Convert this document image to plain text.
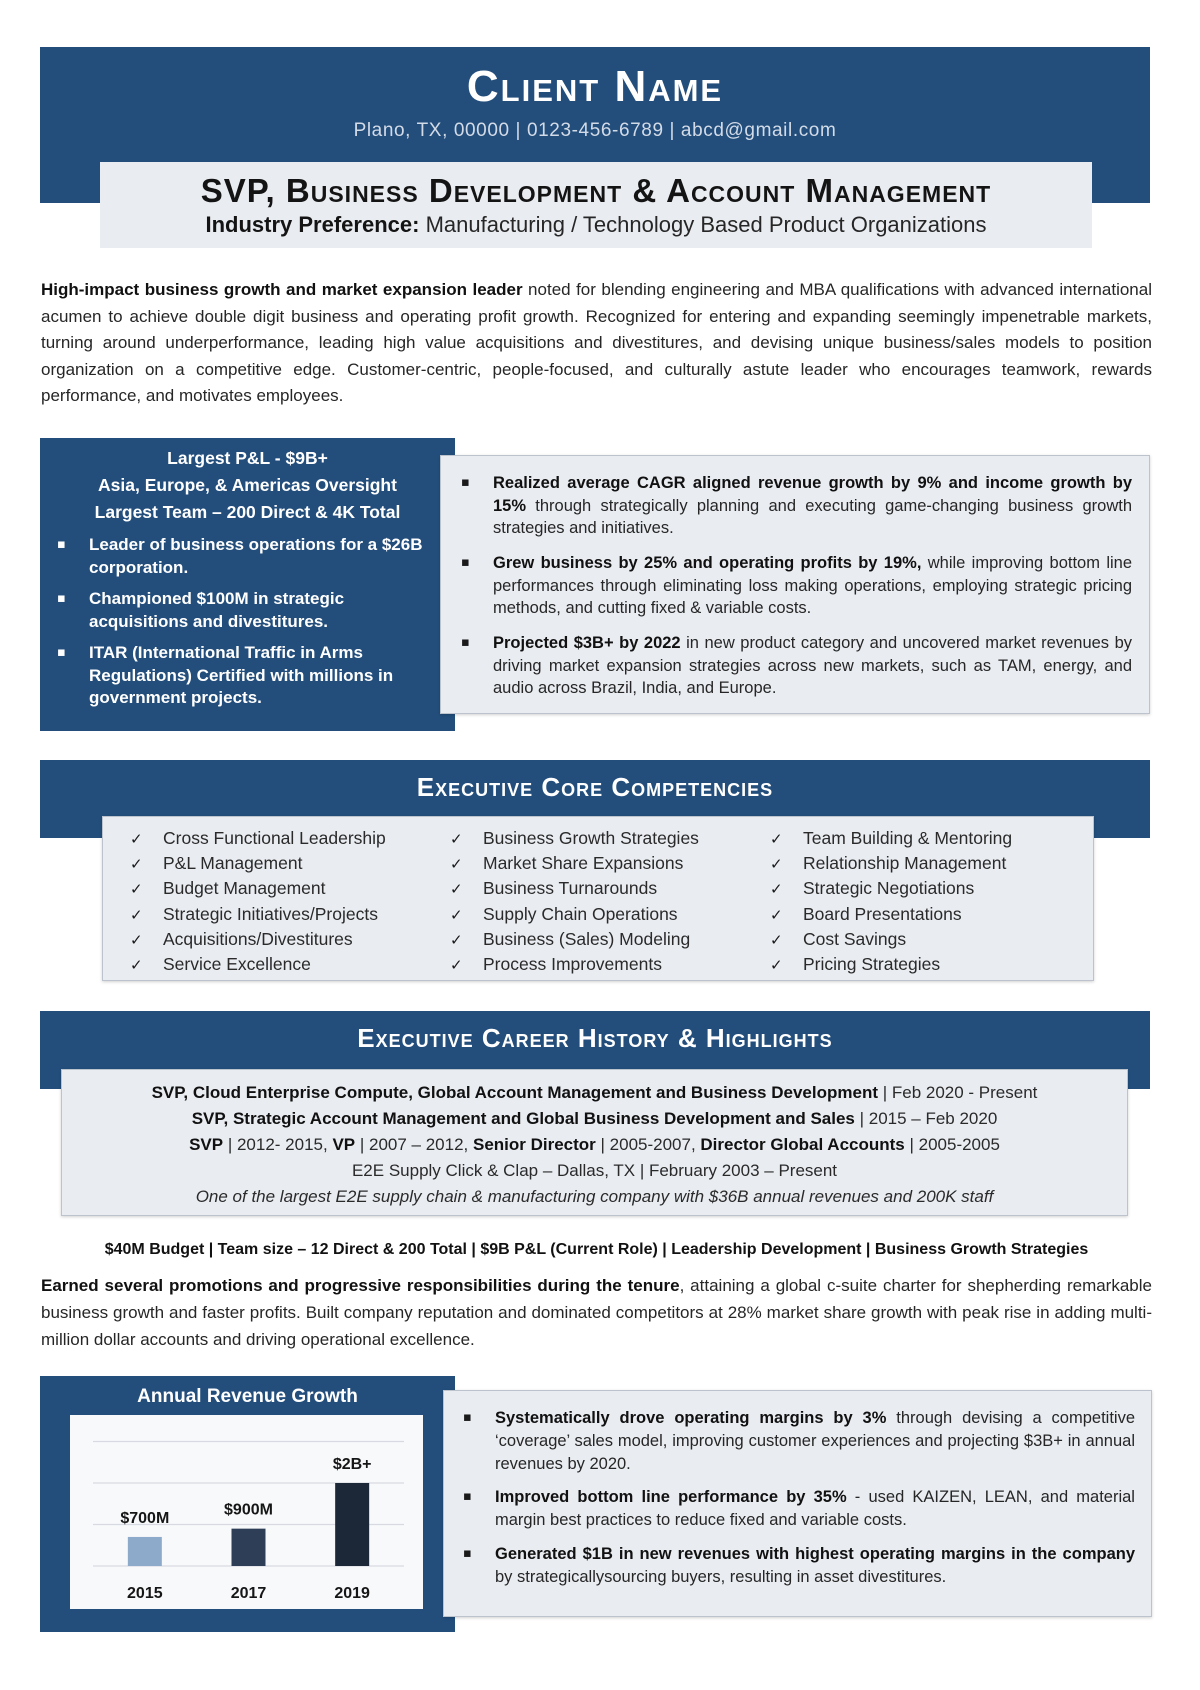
Client Name
Plano, TX, 00000 | 0123-456-6789 | abcd@gmail.com
SVP, Business Development & Account Management
Industry Preference: Manufacturing / Technology Based Product Organizations

High-impact business growth and market expansion leader noted for blending engineering and MBA qualifications with advanced international acumen to achieve double digit business and operating profit growth. Recognized for entering and expanding seemingly impenetrable markets, turning around underperformance, leading high value acquisitions and divestitures, and devising unique business/sales models to position organization on a competitive edge. Customer-centric, people-focused, and culturally astute leader who encourages teamwork, rewards performance, and motivates employees.

Largest P&L - $9B+
Asia, Europe, & Americas Oversight
Largest Team – 200 Direct & 4K Total
▪
Leader of business operations for a $26B corporation.
▪
Championed $100M in strategic acquisitions and divestitures.
▪
ITAR (International Traffic in Arms Regulations) Certified with millions in government projects.
▪
Realized average CAGR aligned revenue growth by 9% and income growth by 15% through strategically planning and executing game-changing business growth strategies and initiatives.
▪
Grew business by 25% and operating profits by 19%, while improving bottom line performances through eliminating loss making operations, employing strategic pricing methods, and cutting fixed & variable costs.
▪
Projected $3B+ by 2022 in new product category and uncovered market revenues by driving market expansion strategies across new markets, such as TAM, energy, and audio across Brazil, India, and Europe.
Executive Core Competencies
✓Cross Functional Leadership
✓P&L Management
✓Budget Management
✓Strategic Initiatives/Projects
✓Acquisitions/Divestitures
✓Service Excellence
✓Business Growth Strategies
✓Market Share Expansions
✓Business Turnarounds
✓Supply Chain Operations
✓Business (Sales) Modeling
✓Process Improvements
✓Team Building & Mentoring
✓Relationship Management
✓Strategic Negotiations
✓Board Presentations
✓Cost Savings
✓Pricing Strategies
Executive Career History & Highlights
SVP, Cloud Enterprise Compute, Global Account Management and Business Development | Feb 2020 - Present
SVP, Strategic Account Management and Global Business Development and Sales | 2015 – Feb 2020
SVP | 2012- 2015, VP | 2007 – 2012, Senior Director | 2005-2007, Director Global Accounts | 2005-2005
E2E Supply Click & Clap – Dallas, TX | February 2003 – Present
One of the largest E2E supply chain & manufacturing company with $36B annual revenues and 200K staff
$40M Budget | Team size – 12 Direct & 200 Total | $9B P&L (Current Role) | Leadership Development | Business Growth Strategies

Earned several promotions and progressive responsibilities during the tenure, attaining a global c-suite charter for shepherding remarkable business growth and faster profits. Built company reputation and dominated competitors at 28% market share growth with peak rise in adding multi-million dollar accounts and driving operational excellence.

Annual Revenue Growth
$700M
2015
$900M
2017
$2B+
2019
▪
Systematically drove operating margins by 3% through devising a competitive ‘coverage’ sales model, improving customer experiences and projecting $3B+ in annual revenues by 2020.
▪
Improved bottom line performance by 35% - used KAIZEN, LEAN, and material margin best practices to reduce fixed and variable costs.
▪
Generated $1B in new revenues with highest operating margins in the company by strategicallysourcing buyers, resulting in asset divestitures.
